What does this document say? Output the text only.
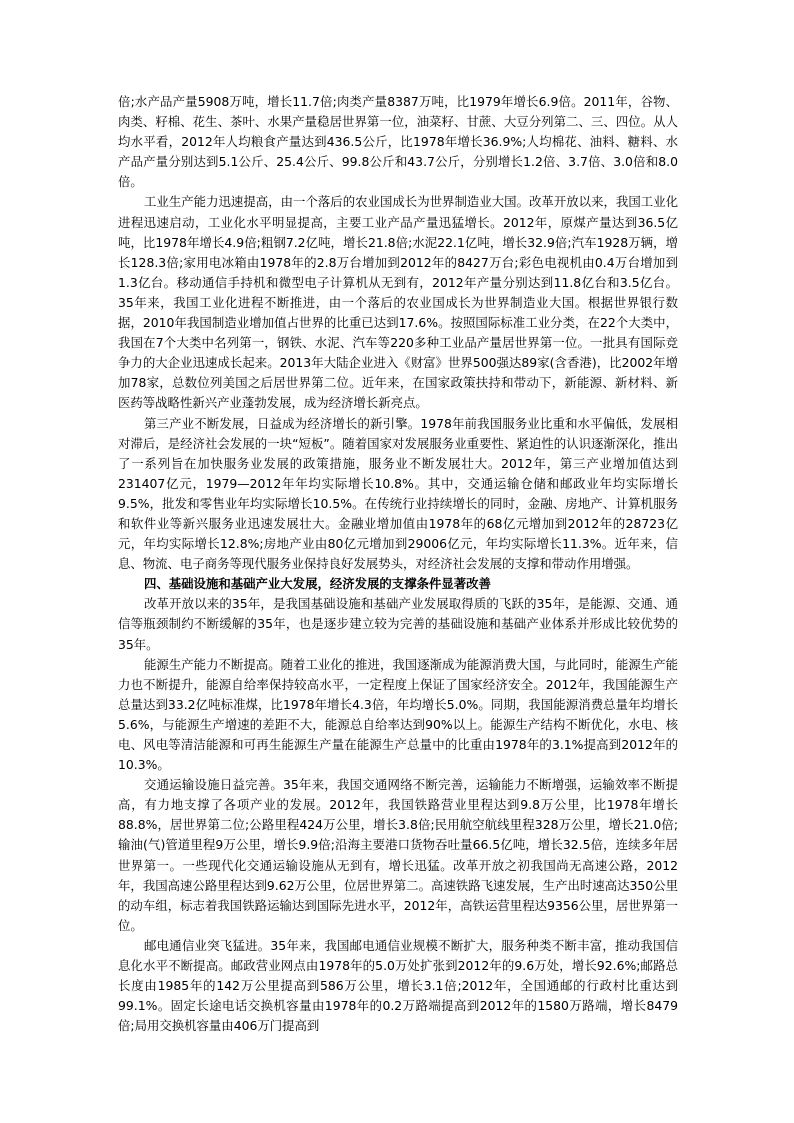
倍;水产品产量5908万吨，增长11.7倍;肉类产量8387万吨，比1979年增长6.9倍。2011年，谷物、肉类、籽棉、花生、茶叶、水果产量稳居世界第一位，油菜籽、甘蔗、大豆分列第二、三、四位。从人均水平看，2012年人均粮食产量达到436.5公斤，比1978年增长36.9%;人均棉花、油料、糖料、水产品产量分别达到5.1公斤、25.4公斤、99.8公斤和43.7公斤，分别增长1.2倍、3.7倍、3.0倍和8.0倍。

工业生产能力迅速提高，由一个落后的农业国成长为世界制造业大国。改革开放以来，我国工业化进程迅速启动，工业化水平明显提高，主要工业产品产量迅猛增长。2012年，原煤产量达到36.5亿吨，比1978年增长4.9倍;粗钢7.2亿吨，增长21.8倍;水泥22.1亿吨，增长32.9倍;汽车1928万辆，增长128.3倍;家用电冰箱由1978年的2.8万台增加到2012年的8427万台;彩色电视机由0.4万台增加到1.3亿台。移动通信手持机和微型电子计算机从无到有，2012年产量分别达到11.8亿台和3.5亿台。35年来，我国工业化进程不断推进，由一个落后的农业国成长为世界制造业大国。根据世界银行数据，2010年我国制造业增加值占世界的比重已达到17.6%。按照国际标准工业分类，在22个大类中，我国在7个大类中名列第一，钢铁、水泥、汽车等220多种工业品产量居世界第一位。一批具有国际竞争力的大企业迅速成长起来。2013年大陆企业进入《财富》世界500强达89家(含香港)，比2002年增加78家，总数位列美国之后居世界第二位。近年来，在国家政策扶持和带动下，新能源、新材料、新医药等战略性新兴产业蓬勃发展，成为经济增长新亮点。

第三产业不断发展，日益成为经济增长的新引擎。1978年前我国服务业比重和水平偏低，发展相对滞后，是经济社会发展的一块“短板”。随着国家对发展服务业重要性、紧迫性的认识逐渐深化，推出了一系列旨在加快服务业发展的政策措施，服务业不断发展壮大。2012年，第三产业增加值达到231407亿元，1979—2012年年均实际增长10.8%。其中，交通运输仓储和邮政业年均实际增长9.5%，批发和零售业年均实际增长10.5%。在传统行业持续增长的同时，金融、房地产、计算机服务和软件业等新兴服务业迅速发展壮大。金融业增加值由1978年的68亿元增加到2012年的28723亿元，年均实际增长12.8%;房地产业由80亿元增加到29006亿元，年均实际增长11.3%。近年来，信息、物流、电子商务等现代服务业保持良好发展势头，对经济社会发展的支撑和带动作用增强。

四、基础设施和基础产业大发展，经济发展的支撑条件显著改善

改革开放以来的35年，是我国基础设施和基础产业发展取得质的飞跃的35年，是能源、交通、通信等瓶颈制约不断缓解的35年，也是逐步建立较为完善的基础设施和基础产业体系并形成比较优势的35年。

能源生产能力不断提高。随着工业化的推进，我国逐渐成为能源消费大国，与此同时，能源生产能力也不断提升，能源自给率保持较高水平，一定程度上保证了国家经济安全。2012年，我国能源生产总量达到33.2亿吨标准煤，比1978年增长4.3倍，年均增长5.0%。同期，我国能源消费总量年均增长5.6%，与能源生产增速的差距不大，能源总自给率达到90%以上。能源生产结构不断优化，水电、核电、风电等清洁能源和可再生能源生产量在能源生产总量中的比重由1978年的3.1%提高到2012年的10.3%。

交通运输设施日益完善。35年来，我国交通网络不断完善，运输能力不断增强，运输效率不断提高，有力地支撑了各项产业的发展。2012年，我国铁路营业里程达到9.8万公里，比1978年增长88.8%，居世界第二位;公路里程424万公里，增长3.8倍;民用航空航线里程328万公里，增长21.0倍;输油(气)管道里程9万公里，增长9.9倍;沿海主要港口货物吞吐量66.5亿吨，增长32.5倍，连续多年居世界第一。一些现代化交通运输设施从无到有，增长迅猛。改革开放之初我国尚无高速公路，2012年，我国高速公路里程达到9.62万公里，位居世界第二。高速铁路飞速发展，生产出时速高达350公里的动车组，标志着我国铁路运输达到国际先进水平，2012年，高铁运营里程达9356公里，居世界第一位。

邮电通信业突飞猛进。35年来，我国邮电通信业规模不断扩大，服务种类不断丰富，推动我国信息化水平不断提高。邮政营业网点由1978年的5.0万处扩张到2012年的9.6万处，增长92.6%;邮路总长度由1985年的142万公里提高到586万公里，增长3.1倍;2012年，全国通邮的行政村比重达到99.1%。固定长途电话交换机容量由1978年的0.2万路端提高到2012年的1580万路端，增长8479倍;局用交换机容量由406万门提高到
